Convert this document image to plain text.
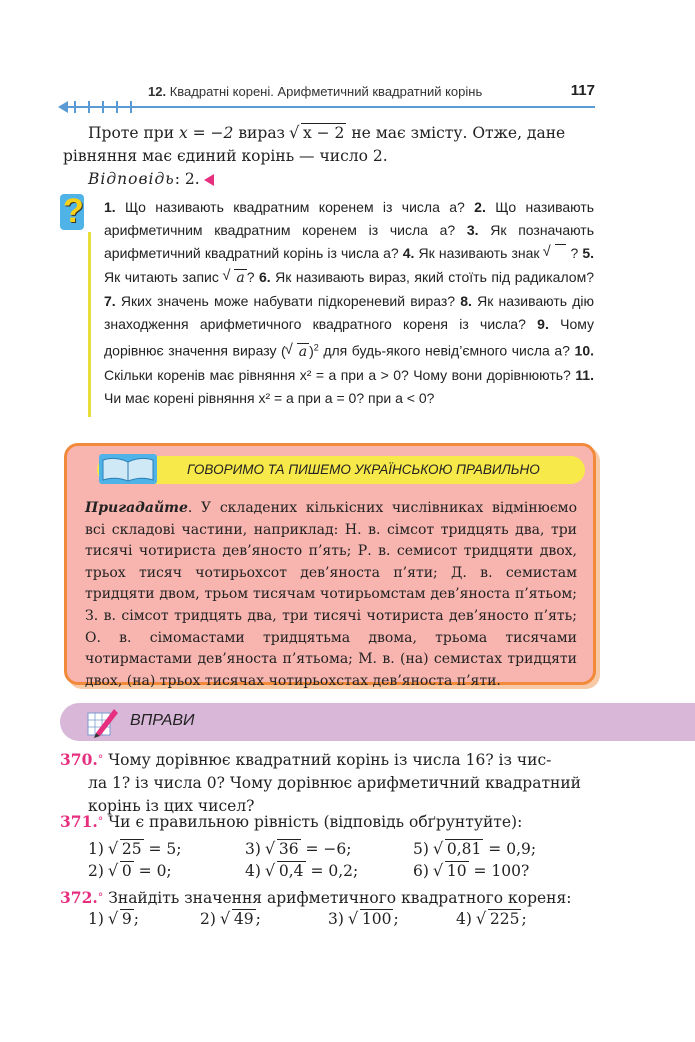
12. Квадратні корені. Арифметичний квадратний корінь	117
Проте при x = −2 вираз √ x − 2 не має змісту. Отже, дане
рівняння має єдиний корінь — число 2.
Відповідь: 2.
? 1. Що називають квадратним коренем із числа a? 2. Що називають арифметичним квадратним коренем із числа a? 3. Як позначають арифметичний квадратний корінь із числа a? 4. Як називають знак √ ? 5. Як читають запис √ a ? 6. Як називають вираз, який стоїть під радикалом? 7. Яких значень може набувати підкореневий вираз? 8. Як називають дію знаходження арифметичного квадратного кореня із числа? 9. Чому дорівнює значення виразу ( √ a )$^2$ для будь-якого невід’ємного числа a? 10. Скільки коренів має рівняння x² = a при a > 0? Чому вони дорівнюють? 11. Чи має корені рівняння x² = a при a = 0? при a < 0?
ГОВОРИМО ТА ПИШЕМО УКРАЇНСЬКОЮ ПРАВИЛЬНО
Пригадайте. У складених кількісних числівниках відмінюємо всі складові частини, наприклад: Н. в. сімсот тридцять два, три тисячі чотириста дев’яносто п’ять; Р. в. семисот тридцяти двох, трьох тисяч чотирьохсот дев’яноста п’яти; Д. в. семистам тридцяти двом, трьом тисячам чотирьомстам дев’яноста п’ятьом; З. в. сімсот тридцять два, три тисячі чотириста дев’яносто п’ять; О. в. сімомастами тридцятьма двома, трьома тисячами чотирмастами дев’яноста п’ятьома; М. в. (на) семистах тридцяти двох, (на) трьох тисячах чотирьохстах дев’яноста п’яти.
ВПРАВИ
370.° Чому дорівнює квадратний корінь із числа 16? із чис-
ла 1? із числа 0? Чому дорівнює арифметичний квадратний
корінь із цих чисел?
371.° Чи є правильною рівність (відповідь обґрунтуйте):
1) √ 25 = 5;	3) √ 36 = −6;	5) √ 0,81 = 0,9;
2) √ 0 = 0;	4) √ 0,4 = 0,2;	6) √ 10 = 100?
372.° Знайдіть значення арифметичного квадратного кореня:
1) √ 9 ;	2) √ 49 ;	3) √ 100 ;	4) √ 225 ;
